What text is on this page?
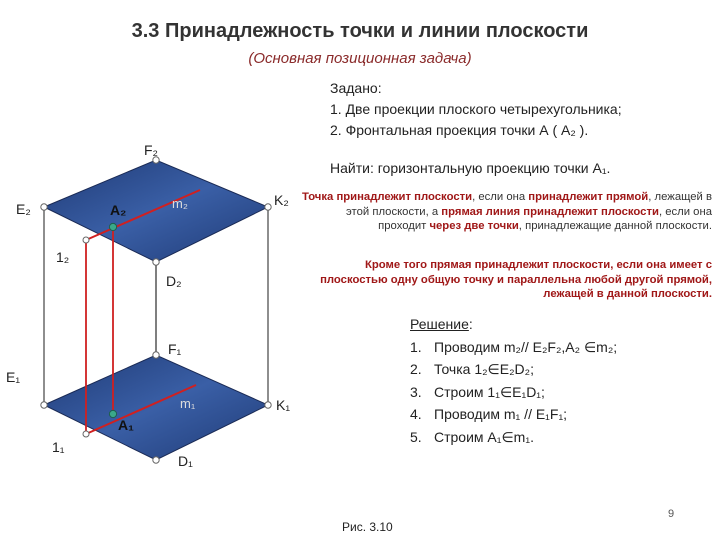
3.3 Принадлежность точки и линии плоскости
(Основная позиционная задача)
Задано:
1. Две проекции плоского четырехугольника;
2. Фронтальная проекция точки А ( А₂ ).
Найти: горизонтальную проекцию точки А₁.
Точка принадлежит плоскости, если она принадлежит прямой, лежащей в этой плоскости, а прямая линия принадлежит плоскости, если она проходит через две точки, принадлежащие данной плоскости.
Кроме того прямая принадлежит плоскости, если она имеет с плоскостью одну общую точку и параллельна любой другой прямой, лежащей в данной плоскости.
Решение:
1. Проводим m₂// E₂F₂,A₂ ∈m₂;
2. Точка 1₂∈E₂D₂;
3. Строим 1₁∈E₁D₁;
4. Проводим m₁ // E₁F₁;
5. Строим A₁∈m₁.
Рис. 3.10
9
F₂
E₂
K₂
m₂
A₂
1₂
D₂
F₁
E₁
m₁	K₁
A₁
1₁
D₁
